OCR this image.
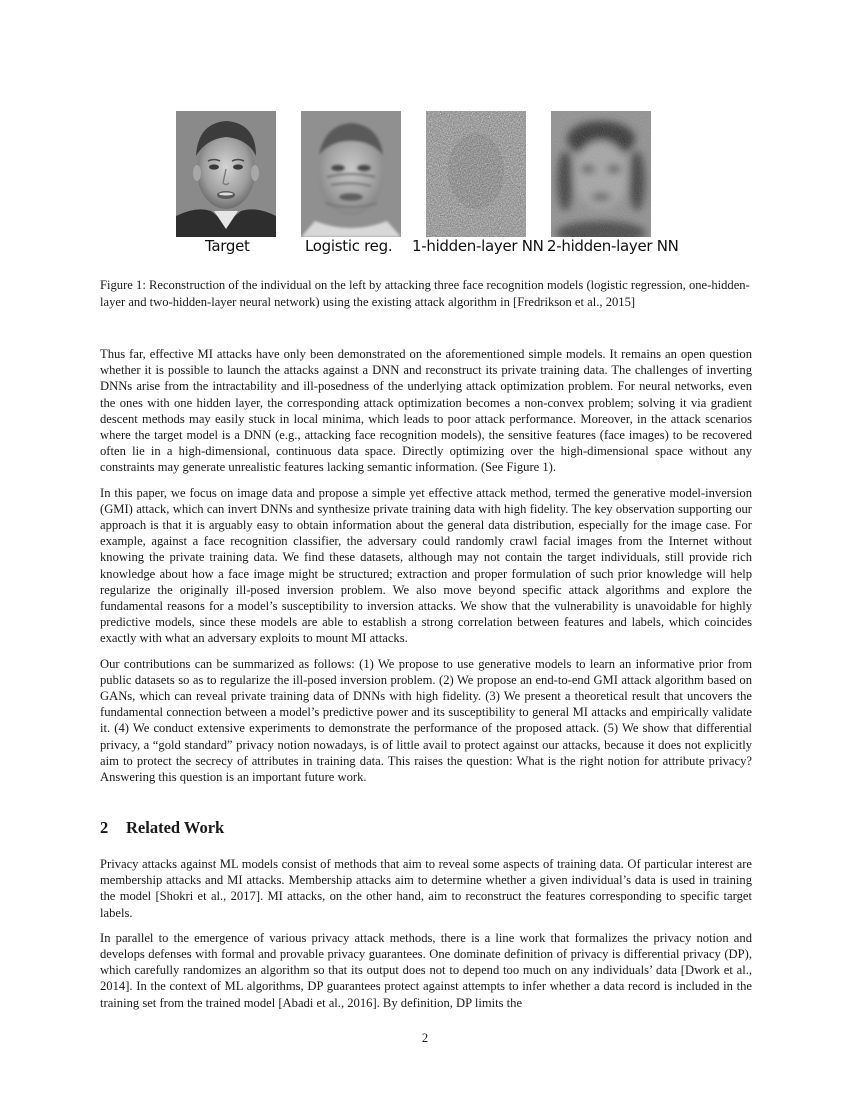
Target	Logistic reg. 1-hidden-layer NN 2-hidden-layer NN
Figure 1: Reconstruction of the individual on the left by attacking three face recognition models (logistic regression, one-hidden-layer and two-hidden-layer neural network) using the existing attack algorithm in [Fredrikson et al., 2015]

Thus far, effective MI attacks have only been demonstrated on the aforementioned simple models. It remains an open question whether it is possible to launch the attacks against a DNN and reconstruct its private training data. The challenges of inverting DNNs arise from the intractability and ill-posedness of the underlying attack optimization problem. For neural networks, even the ones with one hidden layer, the corresponding attack optimization becomes a non-convex problem; solving it via gradient descent methods may easily stuck in local minima, which leads to poor attack performance. Moreover, in the attack scenarios where the target model is a DNN (e.g., attacking face recognition models), the sensitive features (face images) to be recovered often lie in a high-dimensional, continuous data space. Directly optimizing over the high-dimensional space without any constraints may generate unrealistic features lacking semantic information. (See Figure 1).

In this paper, we focus on image data and propose a simple yet effective attack method, termed the generative model-inversion (GMI) attack, which can invert DNNs and synthesize private training data with high fidelity. The key observation supporting our approach is that it is arguably easy to obtain information about the general data distribution, especially for the image case. For example, against a face recognition classifier, the adversary could randomly crawl facial images from the Internet without knowing the private training data. We find these datasets, although may not contain the target individuals, still provide rich knowledge about how a face image might be structured; extraction and proper formulation of such prior knowledge will help regularize the originally ill-posed inversion problem. We also move beyond specific attack algorithms and explore the fundamental reasons for a model’s susceptibility to inversion attacks. We show that the vulnerability is unavoidable for highly predictive models, since these models are able to establish a strong correlation between features and labels, which coincides exactly with what an adversary exploits to mount MI attacks.

Our contributions can be summarized as follows: (1) We propose to use generative models to learn an informative prior from public datasets so as to regularize the ill-posed inversion problem. (2) We propose an end-to-end GMI attack algorithm based on GANs, which can reveal private training data of DNNs with high fidelity. (3) We present a theoretical result that uncovers the fundamental connection between a model’s predictive power and its susceptibility to general MI attacks and empirically validate it. (4) We conduct extensive experiments to demonstrate the performance of the proposed attack. (5) We show that differential privacy, a “gold standard” privacy notion nowadays, is of little avail to protect against our attacks, because it does not explicitly aim to protect the secrecy of attributes in training data. This raises the question: What is the right notion for attribute privacy? Answering this question is an important future work.

2 Related Work

Privacy attacks against ML models consist of methods that aim to reveal some aspects of training data. Of particular interest are membership attacks and MI attacks. Membership attacks aim to determine whether a given individual’s data is used in training the model [Shokri et al., 2017]. MI attacks, on the other hand, aim to reconstruct the features corresponding to specific target labels.

In parallel to the emergence of various privacy attack methods, there is a line work that formalizes the privacy notion and develops defenses with formal and provable privacy guarantees. One dominate definition of privacy is differential privacy (DP), which carefully randomizes an algorithm so that its output does not to depend too much on any individuals’ data [Dwork et al., 2014]. In the context of ML algorithms, DP guarantees protect against attempts to infer whether a data record is included in the training set from the trained model [Abadi et al., 2016]. By definition, DP limits the

2
